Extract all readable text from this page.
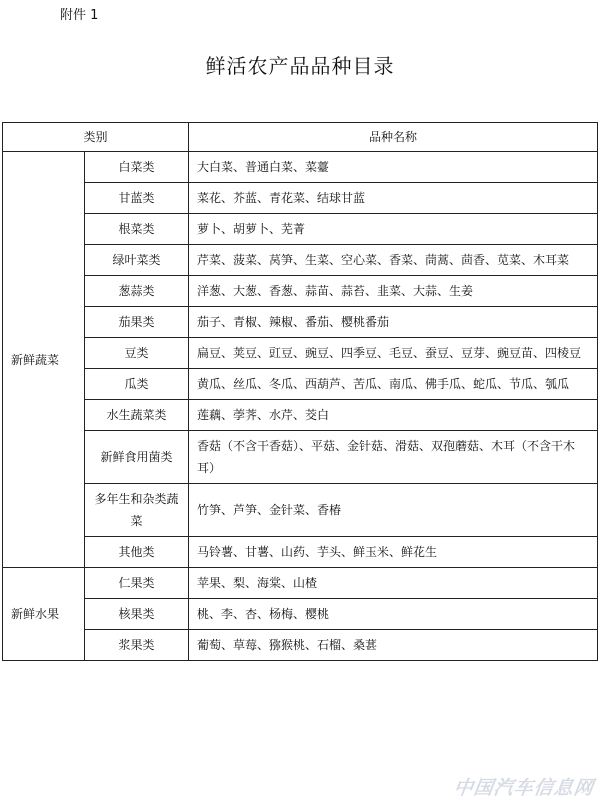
附件 1
鲜活农产品品种目录
类别		品种名称
新鲜蔬菜	白菜类	大白菜、普通白菜、菜薹
	甘蓝类	菜花、芥蓝、青花菜、结球甘蓝
	根菜类	萝卜、胡萝卜、芜菁
	绿叶菜类	芹菜、菠菜、莴笋、生菜、空心菜、香菜、茼蒿、茴香、苋菜、木耳菜
	葱蒜类	洋葱、大葱、香葱、蒜苗、蒜苔、韭菜、大蒜、生姜
	茄果类	茄子、青椒、辣椒、番茄、樱桃番茄
	豆类	扁豆、荚豆、豇豆、豌豆、四季豆、毛豆、蚕豆、豆芽、豌豆苗、四棱豆
	瓜类	黄瓜、丝瓜、冬瓜、西葫芦、苦瓜、南瓜、佛手瓜、蛇瓜、节瓜、瓠瓜
	水生蔬菜类	莲藕、荸荠、水芹、茭白
	新鲜食用菌类	香菇（不含干香菇）、平菇、金针菇、滑菇、双孢蘑菇、木耳（不含干木耳）
	多年生和杂类蔬菜	竹笋、芦笋、金针菜、香椿
	其他类	马铃薯、甘薯、山药、芋头、鲜玉米、鲜花生
新鲜水果	仁果类	苹果、梨、海棠、山楂
	核果类	桃、李、杏、杨梅、樱桃
	浆果类	葡萄、草莓、猕猴桃、石榴、桑葚
中国汽车信息网
